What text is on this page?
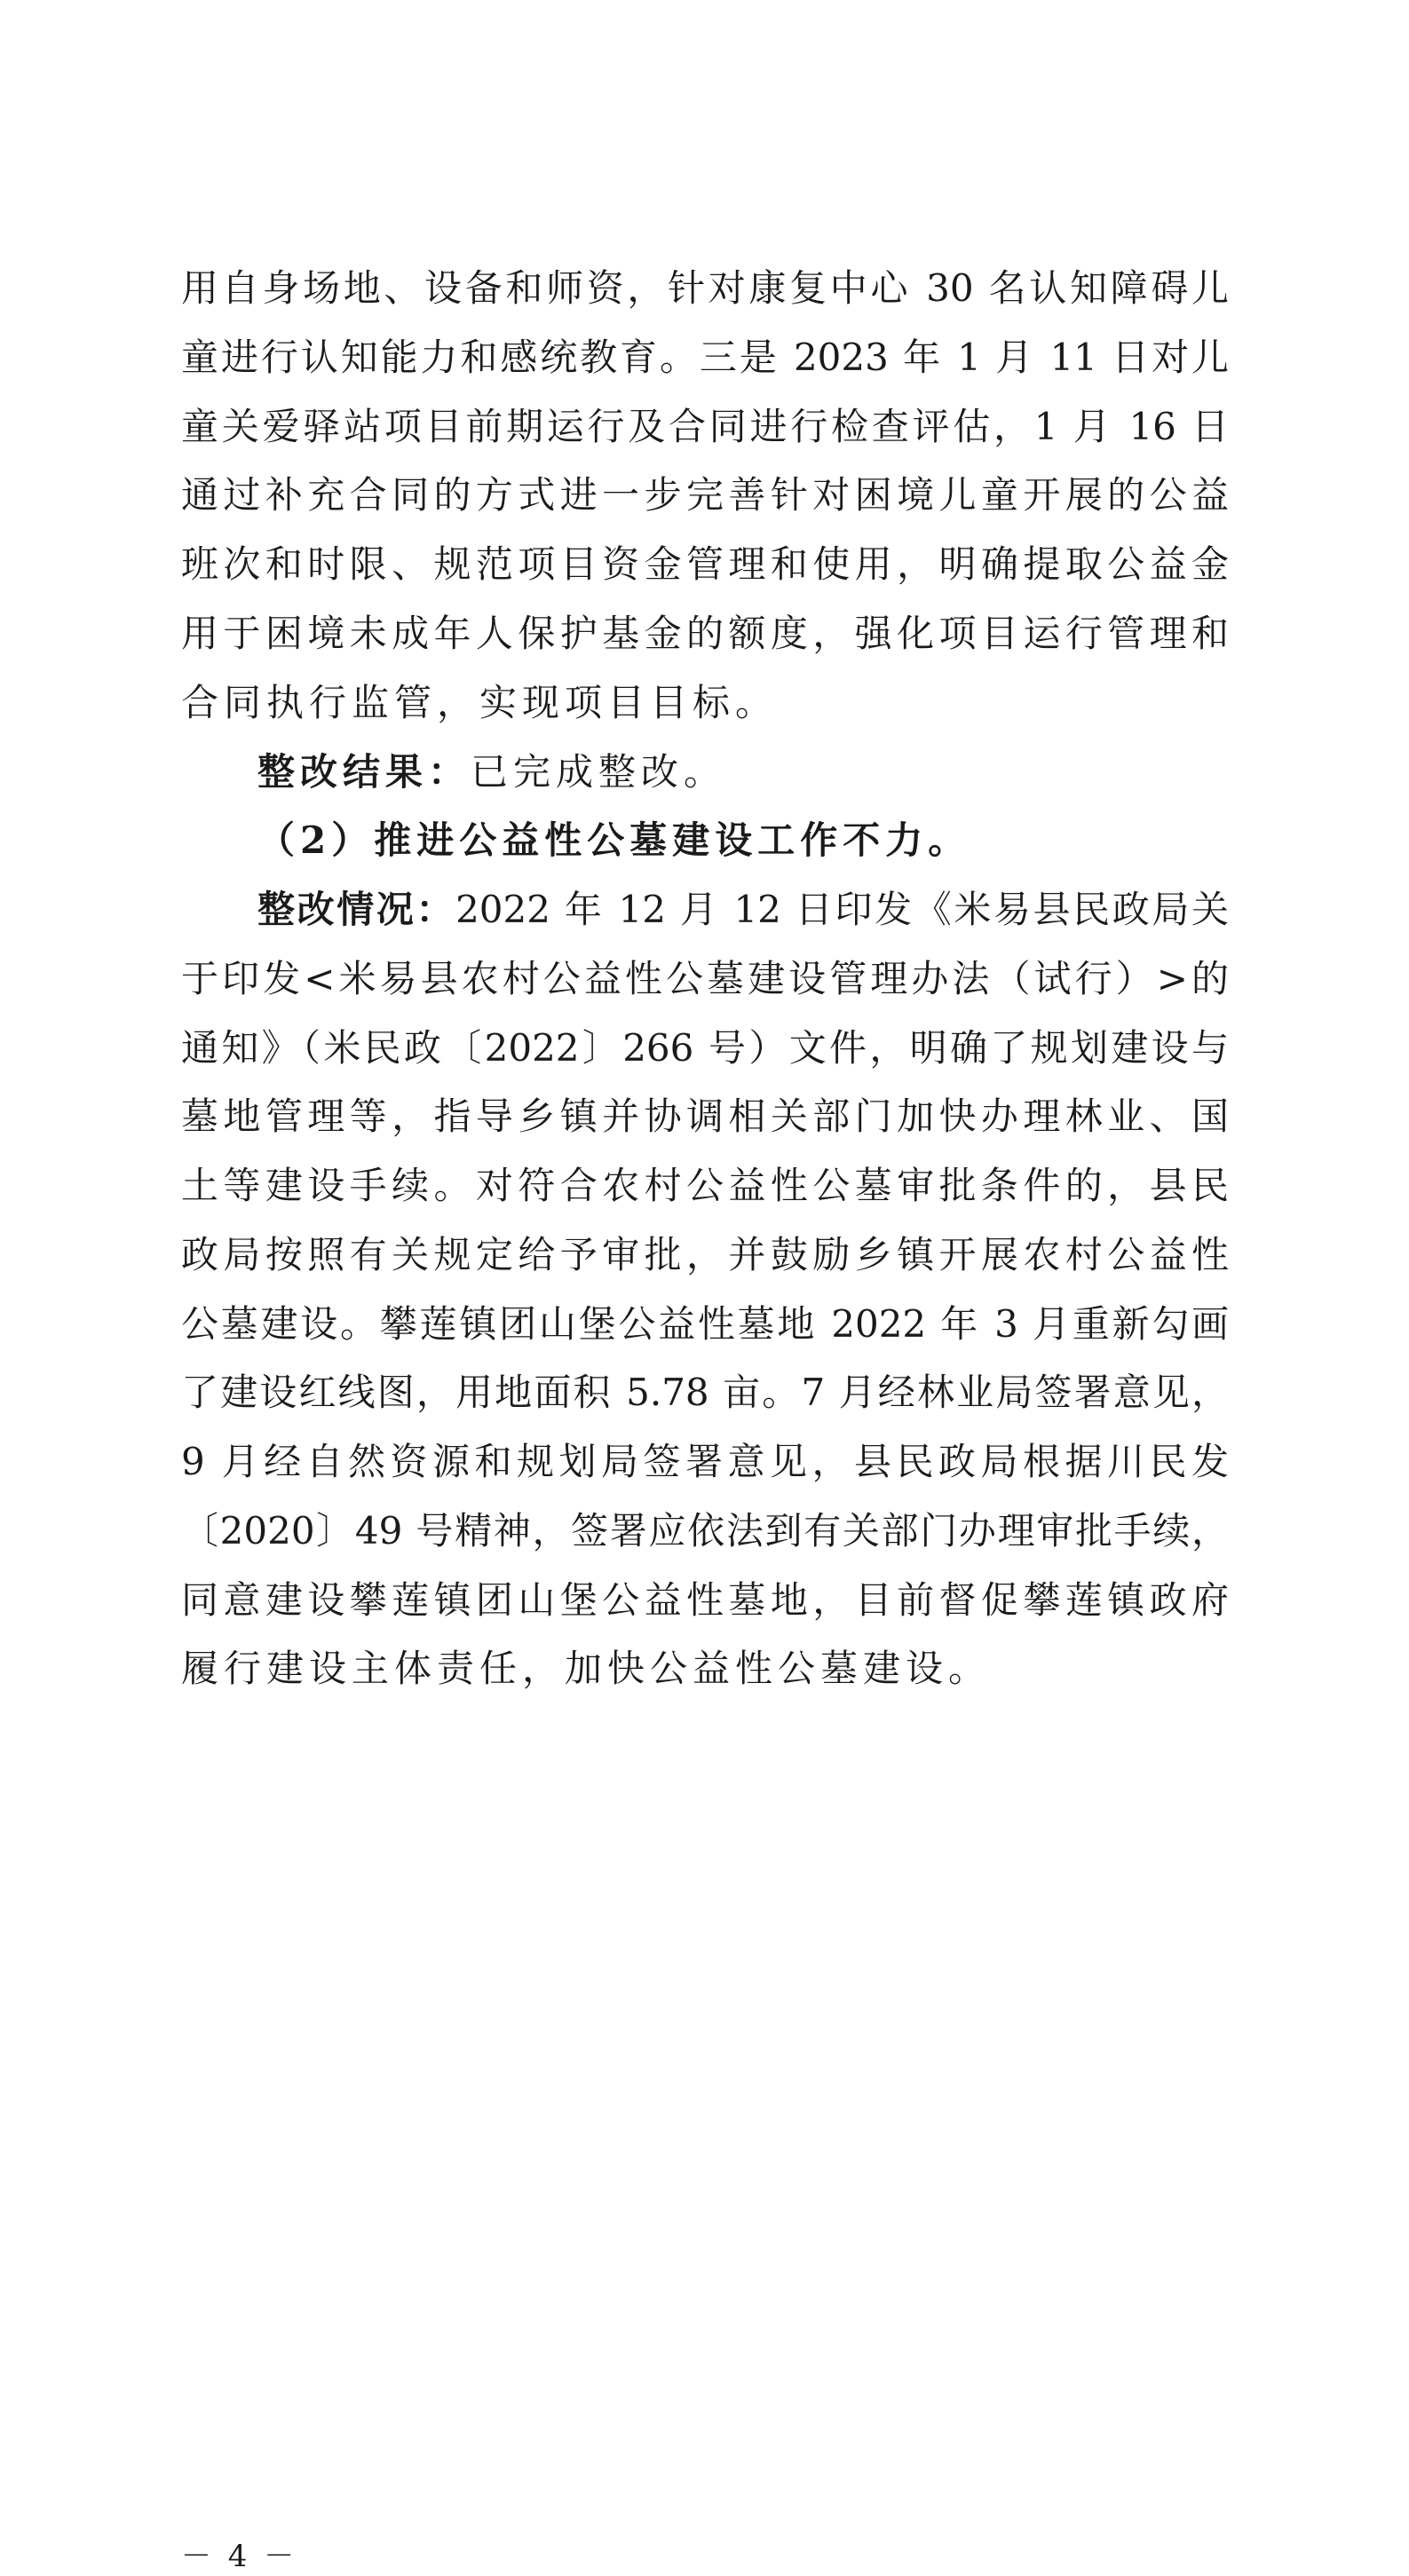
用自身场地、设备和师资，针对康复中心 30 名认知障碍儿
童进行认知能力和感统教育。三是 2023 年 1 月 11 日对儿
童关爱驿站项目前期运行及合同进行检查评估，1 月 16 日
通过补充合同的方式进一步完善针对困境儿童开展的公益
班次和时限、规范项目资金管理和使用，明确提取公益金
用于困境未成年人保护基金的额度，强化项目运行管理和
合同执行监管，实现项目目标。
整改结果：已完成整改。
（2）推进公益性公墓建设工作不力。
整改情况：2022 年 12 月 12 日印发《米易县民政局关
于印发<米易县农村公益性公墓建设管理办法（试行）>的
通知》（米民政〔2022〕266 号）文件，明确了规划建设与
墓地管理等，指导乡镇并协调相关部门加快办理林业、国
土等建设手续。对符合农村公益性公墓审批条件的，县民
政局按照有关规定给予审批，并鼓励乡镇开展农村公益性
公墓建设。攀莲镇团山堡公益性墓地 2022 年 3 月重新勾画
了建设红线图，用地面积 5.78 亩。7 月经林业局签署意见，
9 月经自然资源和规划局签署意见，县民政局根据川民发
〔2020〕49 号精神，签署应依法到有关部门办理审批手续，
同意建设攀莲镇团山堡公益性墓地，目前督促攀莲镇政府
履行建设主体责任，加快公益性公墓建设。
－ 4 －
